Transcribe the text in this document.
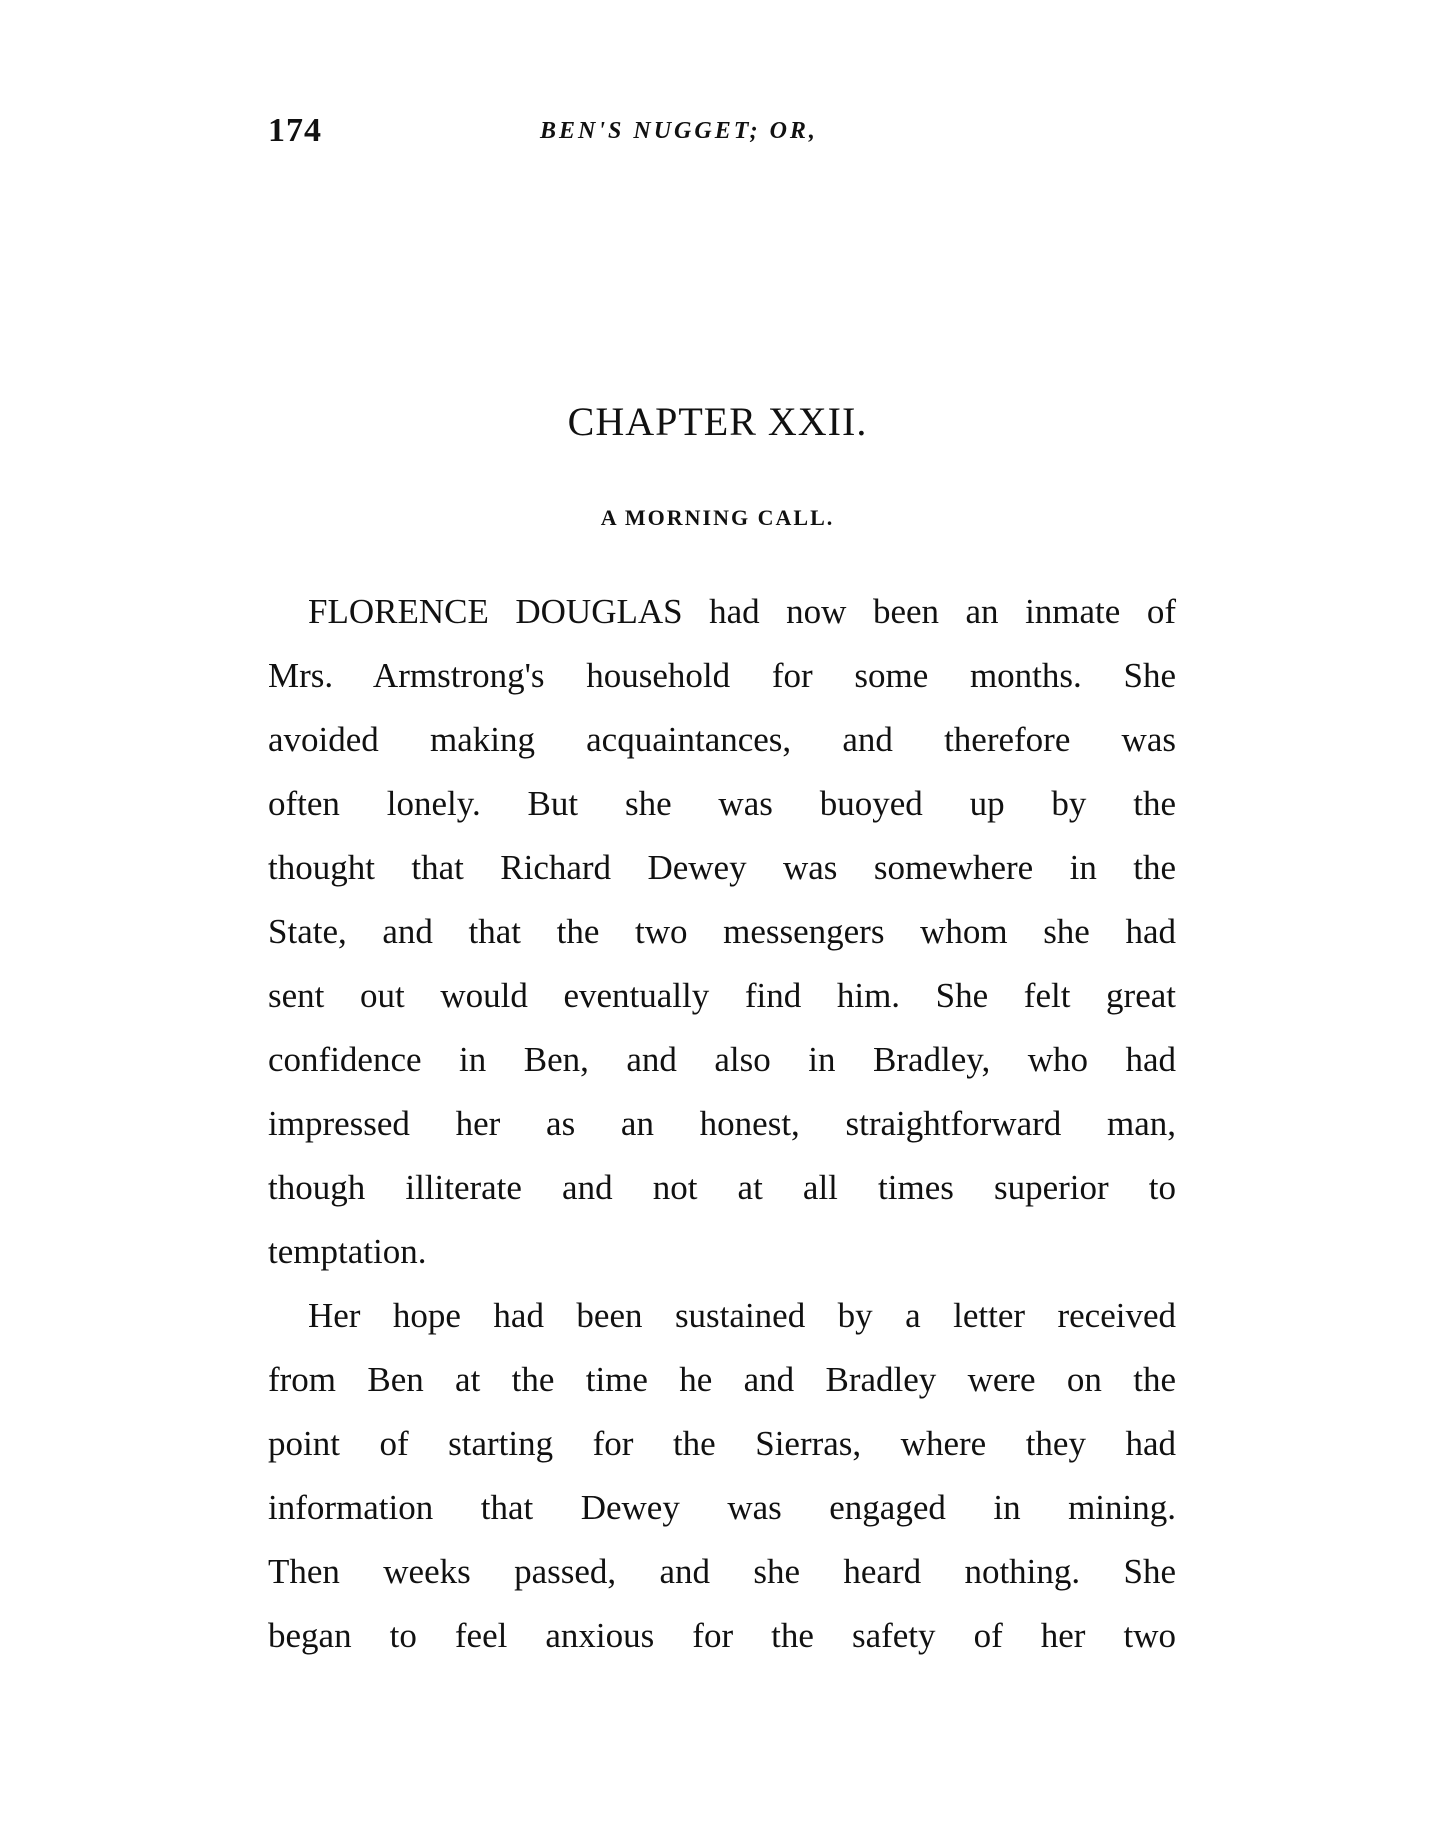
174	BEN'S NUGGET; OR,
CHAPTER XXII.
A MORNING CALL.
FLORENCE DOUGLAS had now been an inmate of
Mrs. Armstrong's household for some months. She
avoided making acquaintances, and therefore was
often lonely. But she was buoyed up by the
thought that Richard Dewey was somewhere in the
State, and that the two messengers whom she had
sent out would eventually find him. She felt great
confidence in Ben, and also in Bradley, who had
impressed her as an honest, straightforward man,
though illiterate and not at all times superior to
temptation.
Her hope had been sustained by a letter received
from Ben at the time he and Bradley were on the
point of starting for the Sierras, where they had
information that Dewey was engaged in mining.
Then weeks passed, and she heard nothing. She
began to feel anxious for the safety of her two
